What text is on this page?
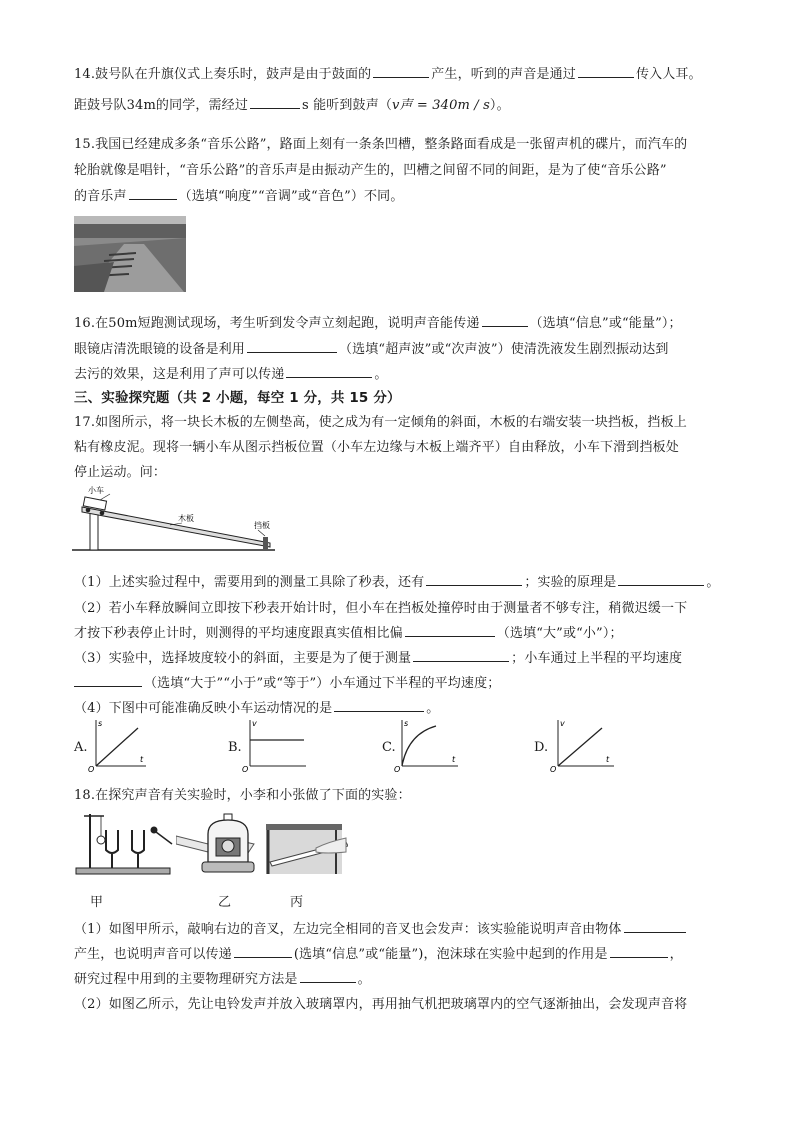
14.鼓号队在升旗仪式上奏乐时，鼓声是由于鼓面的	产生，听到的声音是通过	传入人耳。
距鼓号队34m的同学，需经过	s 能听到鼓声（v声 = 340m / s）。
15.我国已经建成多条“音乐公路”，路面上刻有一条条凹槽，整条路面看成是一张留声机的碟片，而汽车的
轮胎就像是唱针，“音乐公路”的音乐声是由振动产生的，凹槽之间留不同的间距，是为了使“音乐公路”
的音乐声	（选填“响度”“音调”或“音色”）不同。
16.在50m短跑测试现场，考生听到发令声立刻起跑，说明声音能传递	（选填“信息”或“能量”）；
眼镜店清洗眼镜的设备是利用	（选填“超声波”或“次声波”）使清洗液发生剧烈振动达到
去污的效果，这是利用了声可以传递	。
三、实验探究题（共 2 小题，每空 1 分，共 15 分）
17.如图所示，将一块长木板的左侧垫高，使之成为有一定倾角的斜面，木板的右端安装一块挡板，挡板上
粘有橡皮泥。现将一辆小车从图示挡板位置（小车左边缘与木板上端齐平）自由释放，小车下滑到挡板处
停止运动。问：
小车
木板
挡板
（1）上述实验过程中，需要用到的测量工具除了秒表，还有	；实验的原理是	。
（2）若小车释放瞬间立即按下秒表开始计时，但小车在挡板处撞停时由于测量者不够专注，稍微迟缓一下
才按下秒表停止计时，则测得的平均速度跟真实值相比偏	（选填“大”或“小”）；
（3）实验中，选择坡度较小的斜面，主要是为了便于测量	；小车通过上半程的平均速度
（选填“大于”“小于”或“等于”）小车通过下半程的平均速度；
（4）下图中可能准确反映小车运动情况的是	。
A.
s
O
t
B.
v
O
C.
s
O
t
D.
v
O
t
18.在探究声音有关实验时，小李和小张做了下面的实验：
甲	乙	丙
（1）如图甲所示，敲响右边的音叉，左边完全相同的音叉也会发声：该实验能说明声音由物体
产生，也说明声音可以传递	(选填“信息”或“能量”)，泡沫球在实验中起到的作用是	，
研究过程中用到的主要物理研究方法是	。
（2）如图乙所示，先让电铃发声并放入玻璃罩内，再用抽气机把玻璃罩内的空气逐渐抽出，会发现声音将
